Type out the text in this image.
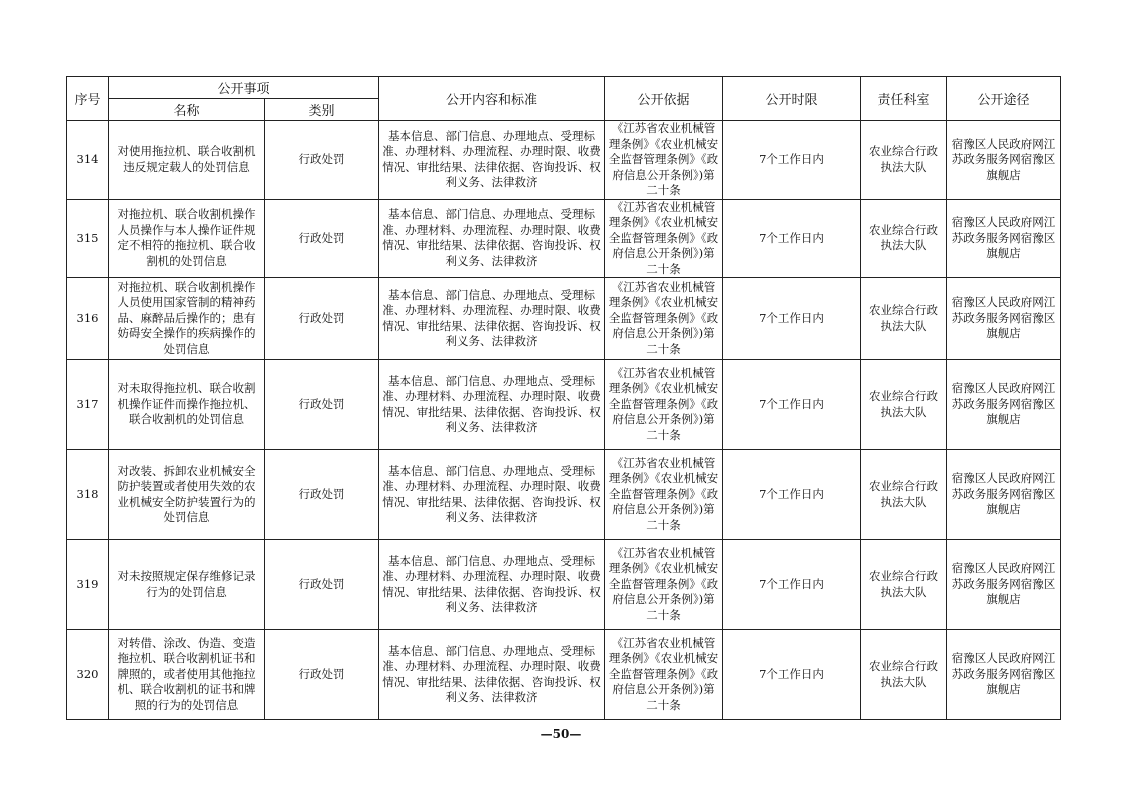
序号	公开事项		公开内容和标准	公开依据	公开时限	责任科室	公开途径
	名称	类别					
314	对使用拖拉机、联合收割机违反规定载人的处罚信息	行政处罚	基本信息、部门信息、办理地点、受理标准、办理材料、办理流程、办理时限、收费情况、审批结果、法律依据、咨询投诉、权利义务、法律救济	《江苏省农业机械管理条例》《农业机械安全监督管理条例》《政府信息公开条例》)第二十条	7个工作日内	农业综合行政执法大队	宿豫区人民政府网江苏政务服务网宿豫区旗舰店
315	对拖拉机、联合收割机操作人员操作与本人操作证件规定不相符的拖拉机、联合收割机的处罚信息	行政处罚	基本信息、部门信息、办理地点、受理标准、办理材料、办理流程、办理时限、收费情况、审批结果、法律依据、咨询投诉、权利义务、法律救济	《江苏省农业机械管理条例》《农业机械安全监督管理条例》《政府信息公开条例》)第二十条	7个工作日内	农业综合行政执法大队	宿豫区人民政府网江苏政务服务网宿豫区旗舰店
316	对拖拉机、联合收割机操作人员使用国家管制的精神药品、麻醉品后操作的；患有妨碍安全操作的疾病操作的处罚信息	行政处罚	基本信息、部门信息、办理地点、受理标准、办理材料、办理流程、办理时限、收费情况、审批结果、法律依据、咨询投诉、权利义务、法律救济	《江苏省农业机械管理条例》《农业机械安全监督管理条例》《政府信息公开条例》)第二十条	7个工作日内	农业综合行政执法大队	宿豫区人民政府网江苏政务服务网宿豫区旗舰店
317	对未取得拖拉机、联合收割机操作证件而操作拖拉机、联合收割机的处罚信息	行政处罚	基本信息、部门信息、办理地点、受理标准、办理材料、办理流程、办理时限、收费情况、审批结果、法律依据、咨询投诉、权利义务、法律救济	《江苏省农业机械管理条例》《农业机械安全监督管理条例》《政府信息公开条例》)第二十条	7个工作日内	农业综合行政执法大队	宿豫区人民政府网江苏政务服务网宿豫区旗舰店
318	对改装、拆卸农业机械安全防护装置或者使用失效的农业机械安全防护装置行为的处罚信息	行政处罚	基本信息、部门信息、办理地点、受理标准、办理材料、办理流程、办理时限、收费情况、审批结果、法律依据、咨询投诉、权利义务、法律救济	《江苏省农业机械管理条例》《农业机械安全监督管理条例》《政府信息公开条例》)第二十条	7个工作日内	农业综合行政执法大队	宿豫区人民政府网江苏政务服务网宿豫区旗舰店
319	对未按照规定保存维修记录行为的处罚信息	行政处罚	基本信息、部门信息、办理地点、受理标准、办理材料、办理流程、办理时限、收费情况、审批结果、法律依据、咨询投诉、权利义务、法律救济	《江苏省农业机械管理条例》《农业机械安全监督管理条例》《政府信息公开条例》)第二十条	7个工作日内	农业综合行政执法大队	宿豫区人民政府网江苏政务服务网宿豫区旗舰店
320	对转借、涂改、伪造、变造拖拉机、联合收割机证书和牌照的，或者使用其他拖拉机、联合收割机的证书和牌照的行为的处罚信息	行政处罚	基本信息、部门信息、办理地点、受理标准、办理材料、办理流程、办理时限、收费情况、审批结果、法律依据、咨询投诉、权利义务、法律救济	《江苏省农业机械管理条例》《农业机械安全监督管理条例》《政府信息公开条例》)第二十条	7个工作日内	农业综合行政执法大队	宿豫区人民政府网江苏政务服务网宿豫区旗舰店
—50—
